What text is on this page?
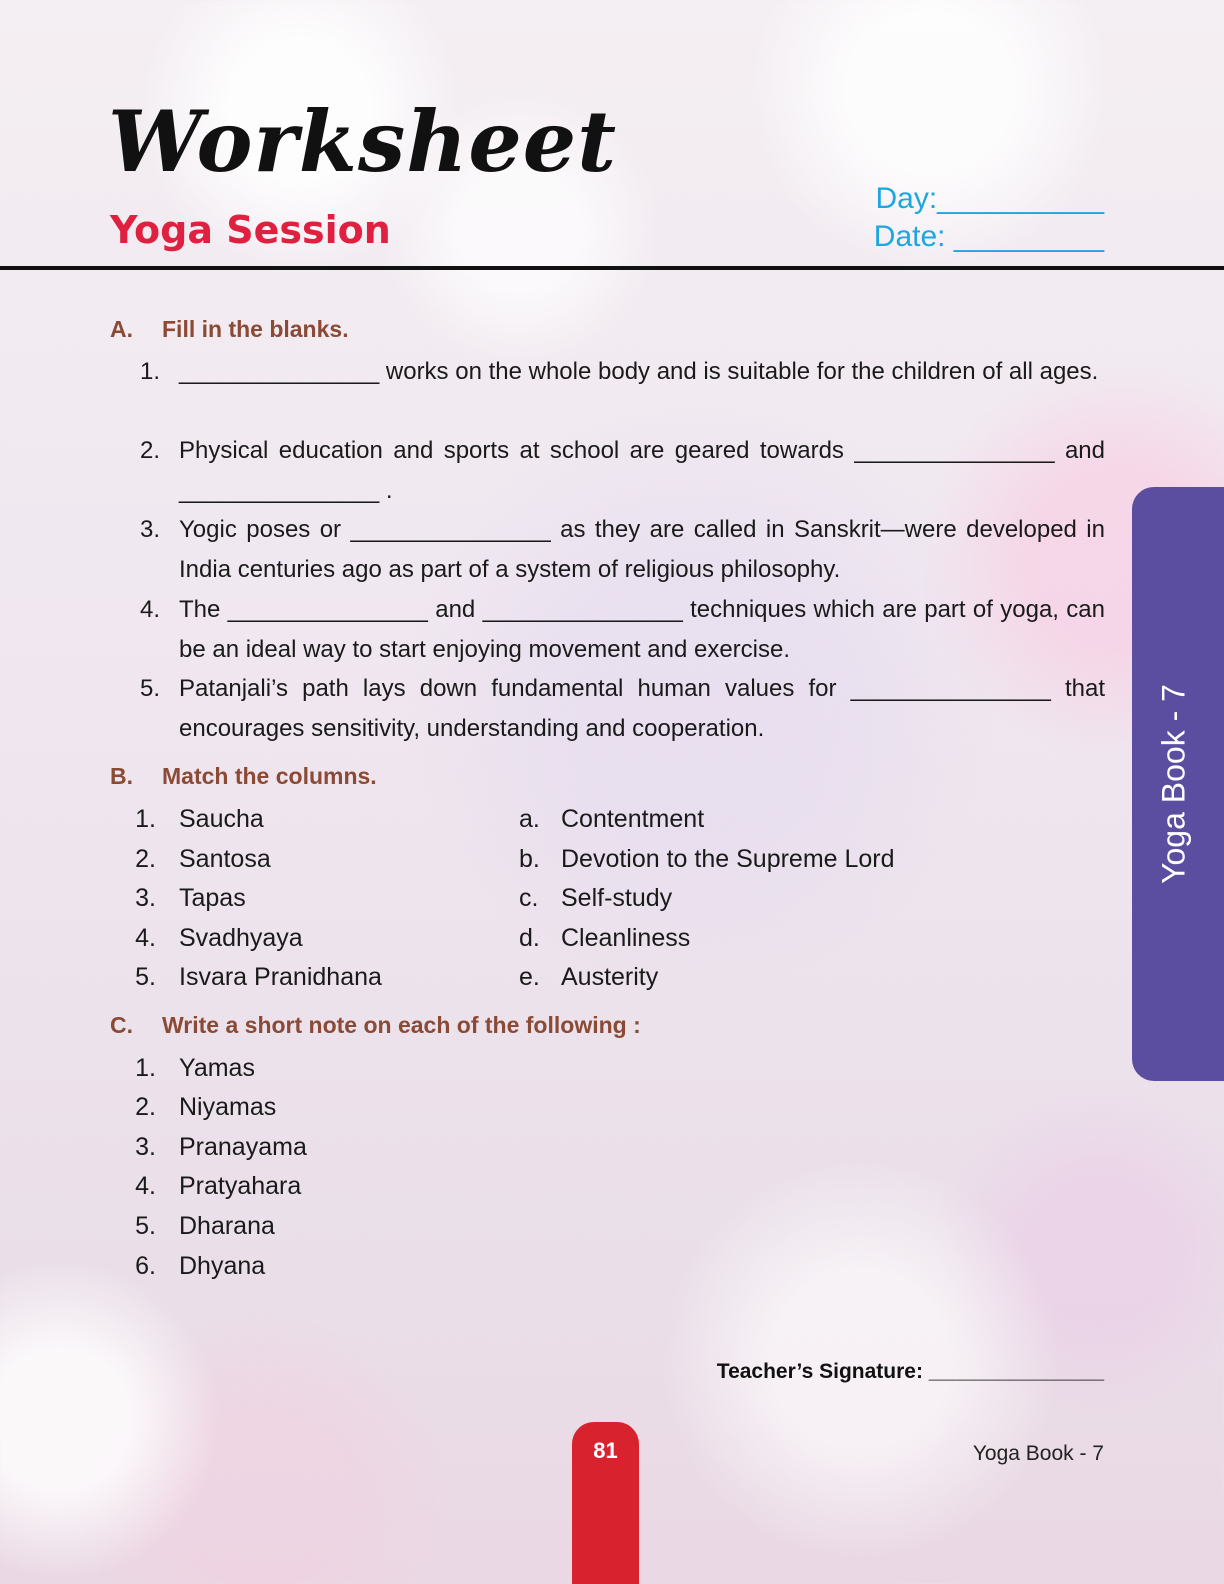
Worksheet
Yoga Session
Day:__________
Date: _________
A. Fill in the blanks.
1. _______________ works on the whole body and is suitable for the children of all ages.
2. Physical education and sports at school are geared towards _______________ and _______________ .
3. Yogic poses or _______________ as they are called in Sanskrit—were developed in India centuries ago as part of a system of religious philosophy.
4. The _______________ and _______________ techniques which are part of yoga, can be an ideal way to start enjoying movement and exercise.
5. Patanjali’s path lays down fundamental human values for _______________ that encourages sensitivity, understanding and cooperation.
B. Match the columns.
1. Saucha
2. Santosa
3. Tapas
4. Svadhyaya
5. Isvara Pranidhana
a. Contentment
b. Devotion to the Supreme Lord
c. Self-study
d. Cleanliness
e. Austerity
C. Write a short note on each of the following :
1. Yamas
2. Niyamas
3. Pranayama
4. Pratyahara
5. Dharana
6. Dhyana
Teacher’s Signature: _______________
Yoga Book - 7
81	Yoga Book - 7
